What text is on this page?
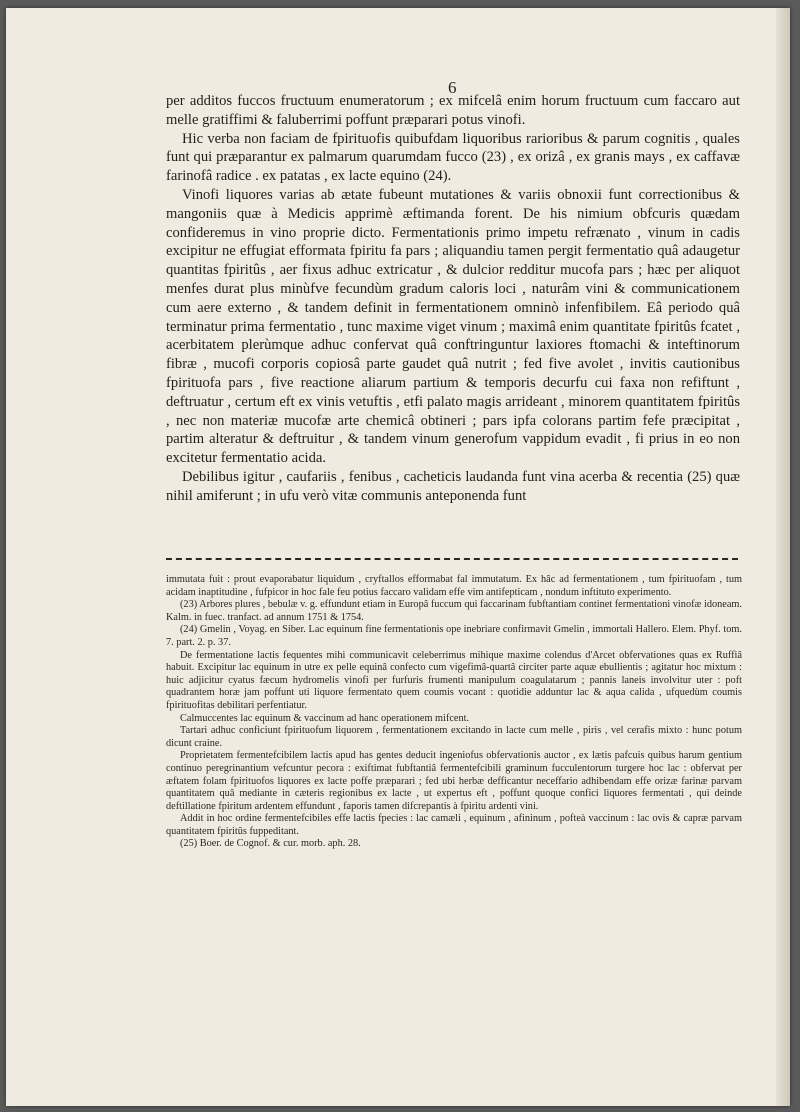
6

per additos fuccos fructuum enumeratorum ; ex mifcelâ enim horum fructuum cum faccaro aut melle gratiffimi & faluberrimi poffunt præparari potus vinofi.

Hic verba non faciam de fpirituofis quibufdam liquoribus rarioribus & parum cognitis , quales funt qui præparantur ex palmarum quarumdam fucco (23) , ex orizâ , ex granis mays , ex caffavæ farinofâ radice . ex patatas , ex lacte equino (24).

Vinofi liquores varias ab ætate fubeunt mutationes & variis obnoxii funt correctionibus & mangoniis quæ à Medicis apprimè æftimanda forent. De his nimium obfcuris quædam confideremus in vino proprie dicto. Fermentationis primo impetu refrænato , vinum in cadis excipitur ne effugiat efformata fpiritu fa pars ; aliquandiu tamen pergit fermentatio quâ adaugetur quantitas fpiritûs , aer fixus adhuc extricatur , & dulcior redditur mucofa pars ; hæc per aliquot menfes durat plus minùfve fecundùm gradum caloris loci , naturâm vini & communicationem cum aere externo , & tandem definit in fermentationem omninò infenfibilem. Eâ periodo quâ terminatur prima fermentatio , tunc maxime viget vinum ; maximâ enim quantitate fpiritûs fcatet , acerbitatem plerùmque adhuc confervat quâ conftringuntur laxiores ftomachi & inteftinorum fibræ , mucofi corporis copiosâ parte gaudet quâ nutrit ; fed five avolet , invitis cautionibus fpirituofa pars , five reactione aliarum partium & temporis decurfu cui faxa non refiftunt , deftruatur , certum eft ex vinis vetuftis , etfi palato magis arrideant , minorem quantitatem fpiritûs , nec non materiæ mucofæ arte chemicâ obtineri ; pars ipfa colorans partim fefe præcipitat , partim alteratur & deftruitur , & tandem vinum generofum vappidum evadit , fi prius in eo non excitetur fermentatio acida.

Debilibus igitur , caufariis , fenibus , cacheticis laudanda funt vina acerba & recentia (25) quæ nihil amiferunt ; in ufu verò vitæ communis anteponenda funt

immutata fuit : prout evaporabatur liquidum , cryftallos efformabat fal immutatum. Ex hâc ad fermentationem , tum fpirituofam , tum acidam inaptitudine , fufpicor in hoc fale feu potius faccaro validam effe vim antifepticam , nondum inftituto experimento.

(23) Arbores plures , bebulæ v. g. effundunt etiam in Europâ fuccum qui faccarinam fubftantiam continet fermentationi vinofæ idoneam. Kalm. in fuec. tranfact. ad annum 1751 & 1754.

(24) Gmelin , Voyag. en Siber. Lac equinum fine fermentationis ope inebriare confirmavit Gmelin , immortali Hallero. Elem. Phyf. tom. 7. part. 2. p. 37.

De fermentatione lactis fequentes mihi communicavit celeberrimus mihique maxime colendus d'Arcet obfervationes quas ex Ruffiâ habuit. Excipitur lac equinum in utre ex pelle equinâ confecto cum vigefimâ-quartâ circiter parte aquæ ebullientis ; agitatur hoc mixtum : huic adjicitur cyatus fæcum hydromelis vinofi per furfuris frumenti manipulum coagulatarum ; pannis laneis involvitur uter : poft quadrantem horæ jam poffunt uti liquore fermentato quem coumis vocant : quotidie adduntur lac & aqua calida , ufquedùm coumis fpirituofitas debilitari perfentiatur.

Calmuccentes lac equinum & vaccinum ad hanc operationem mifcent.

Tartari adhuc conficiunt fpirituofum liquorem , fermentationem excitando in lacte cum melle , piris , vel cerafis mixto : hunc potum dicunt craine.

Proprietatem fermentefcibilem lactis apud has gentes deducit ingeniofus obfervationis auctor , ex lætis pafcuis quibus harum gentium continuo peregrinantium vefcuntur pecora : exiftimat fubftantiâ fermentefcibili graminum fucculentorum turgere hoc lac : obfervat per æftatem folam fpirituofos liquores ex lacte poffe præparari ; fed ubi herbæ defficantur neceffario adhibendam effe orizæ farinæ parvam quantitatem quâ mediante in cæteris regionibus ex lacte , ut expertus eft , poffunt quoque confici liquores fermentati , qui deinde deftillatione fpiritum ardentem effundunt , faporis tamen difcrepantis à fpiritu ardenti vini.

Addit in hoc ordine fermentefcibiles effe lactis fpecies : lac camæli , equinum , afininum , pofteà vaccinum : lac ovis & capræ parvam quantitatem fpiritûs fuppeditant.

(25) Boer. de Cognof. & cur. morb. aph. 28.
